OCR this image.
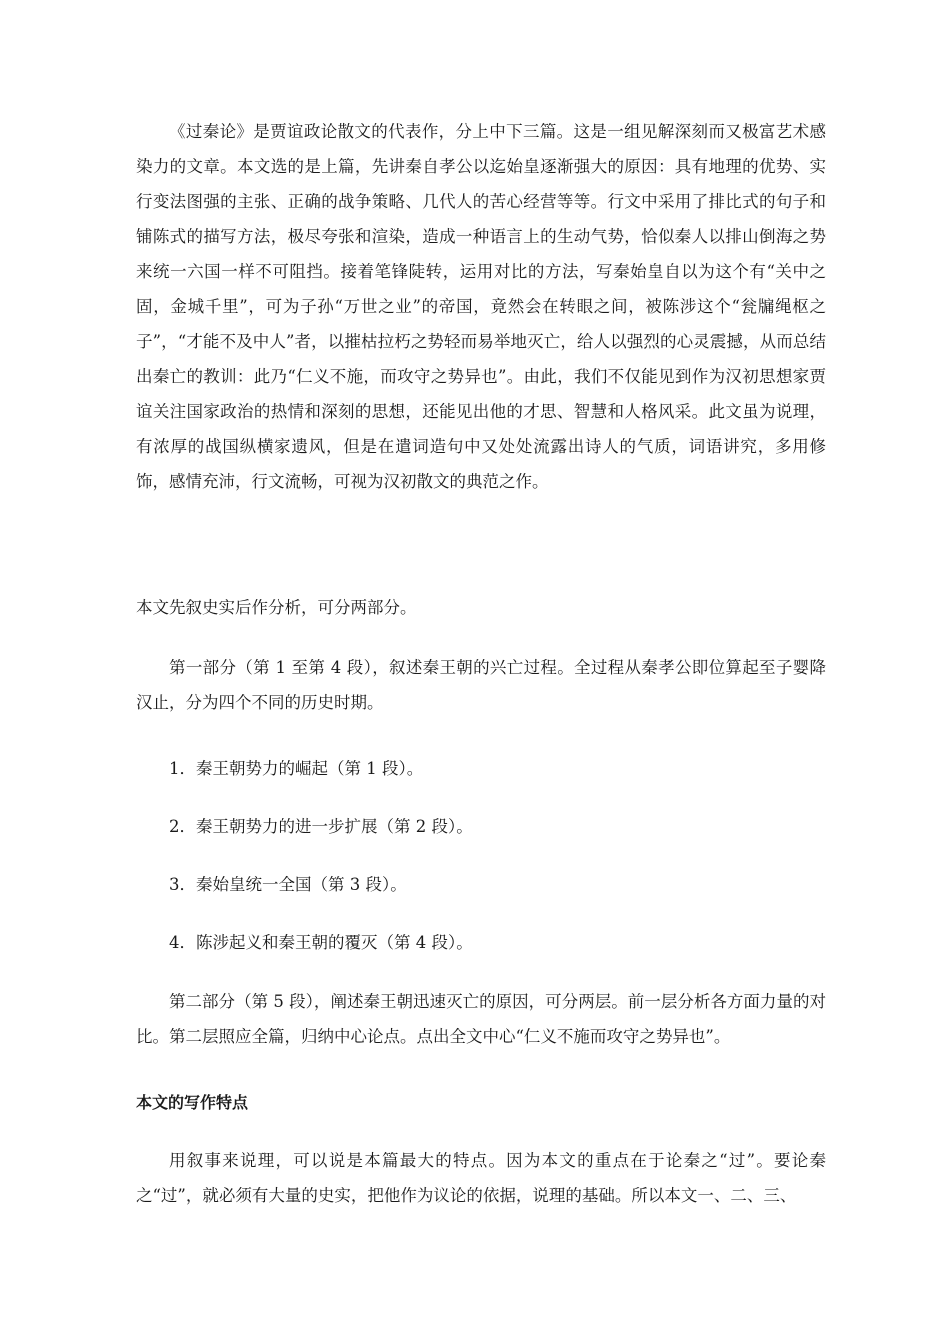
《过秦论》是贾谊政论散文的代表作，分上中下三篇。这是一组见解深刻而又极富艺术感染力的文章。本文选的是上篇，先讲秦自孝公以迄始皇逐渐强大的原因：具有地理的优势、实行变法图强的主张、正确的战争策略、几代人的苦心经营等等。行文中采用了排比式的句子和铺陈式的描写方法，极尽夸张和渲染，造成一种语言上的生动气势，恰似秦人以排山倒海之势来统一六国一样不可阻挡。接着笔锋陡转，运用对比的方法，写秦始皇自以为这个有“关中之固，金城千里”，可为子孙“万世之业”的帝国，竟然会在转眼之间，被陈涉这个“瓮牖绳枢之子”，“才能不及中人”者，以摧枯拉朽之势轻而易举地灭亡，给人以强烈的心灵震撼，从而总结出秦亡的教训：此乃“仁义不施，而攻守之势异也”。由此，我们不仅能见到作为汉初思想家贾谊关注国家政治的热情和深刻的思想，还能见出他的才思、智慧和人格风采。此文虽为说理，有浓厚的战国纵横家遗风，但是在遣词造句中又处处流露出诗人的气质，词语讲究，多用修饰，感情充沛，行文流畅，可视为汉初散文的典范之作。

本文先叙史实后作分析，可分两部分。

第一部分（第 1 至第 4 段），叙述秦王朝的兴亡过程。全过程从秦孝公即位算起至子婴降汉止，分为四个不同的历史时期。

1．秦王朝势力的崛起（第 1 段）。

2．秦王朝势力的进一步扩展（第 2 段）。

3．秦始皇统一全国（第 3 段）。

4．陈涉起义和秦王朝的覆灭（第 4 段）。

第二部分（第 5 段），阐述秦王朝迅速灭亡的原因，可分两层。前一层分析各方面力量的对比。第二层照应全篇，归纳中心论点。点出全文中心“仁义不施而攻守之势异也”。

本文的写作特点

用叙事来说理，可以说是本篇最大的特点。因为本文的重点在于论秦之“过”。要论秦之“过”，就必须有大量的史实，把他作为议论的依据，说理的基础。所以本文一、二、三、
